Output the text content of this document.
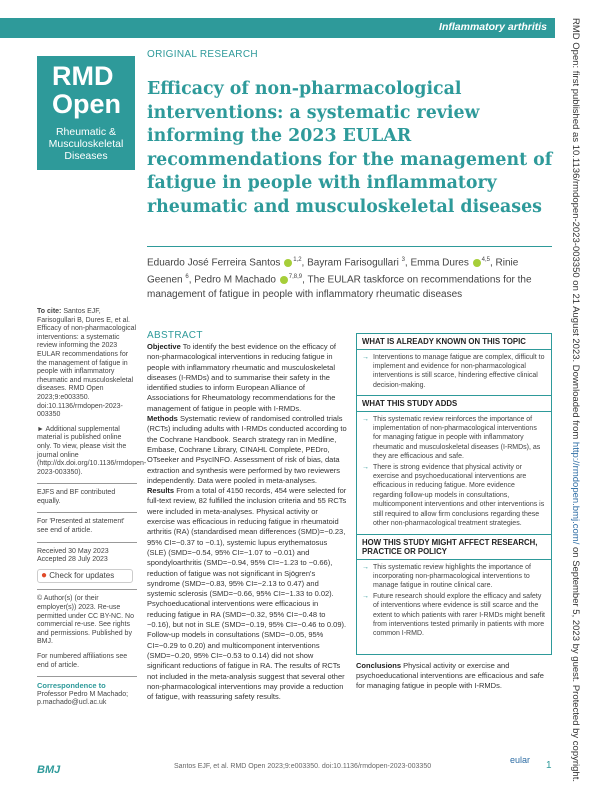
Inflammatory arthritis
RMD
Open
Rheumatic & Musculoskeletal Diseases
ORIGINAL RESEARCH
Efficacy of non-pharmacological interventions: a systematic review informing the 2023 EULAR recommendations for the management of fatigue in people with inflammatory rheumatic and musculoskeletal diseases
Eduardo José Ferreira Santos $^{1,2}$, Bayram Farisogullari $^3$, Emma Dures $^{4,5}$, Rinie Geenen $^6$, Pedro M Machado $^{7,8,9}$, The EULAR taskforce on recommendations for the management of fatigue in people with inflammatory rheumatic diseases
To cite: Santos EJF, Farisogullari B, Dures E, et al. Efficacy of non-pharmacological interventions: a systematic review informing the 2023 EULAR recommendations for the management of fatigue in people with inflammatory rheumatic and musculoskeletal diseases. RMD Open 2023;9:e003350. doi:10.1136/rmdopen-2023-003350
► Additional supplemental material is published online only. To view, please visit the journal online (http://dx.doi.org/10.1136/rmdopen-2023-003350).
EJFS and BF contributed equally.
For 'Presented at statement' see end of article.
Received 30 May 2023
Accepted 28 July 2023
● Check for updates
© Author(s) (or their employer(s)) 2023. Re-use permitted under CC BY-NC. No commercial re-use. See rights and permissions. Published by BMJ.
For numbered affiliations see end of article.
Correspondence to
Professor Pedro M Machado;
p.machado@ucl.ac.uk
ABSTRACT

Objective To identify the best evidence on the efficacy of non-pharmacological interventions in reducing fatigue in people with inflammatory rheumatic and musculoskeletal diseases (I-RMDs) and to summarise their safety in the identified studies to inform European Alliance of Associations for Rheumatology recommendations for the management of fatigue in people with I-RMDs.

Methods Systematic review of randomised controlled trials (RCTs) including adults with I-RMDs conducted according to the Cochrane Handbook. Search strategy ran in Medline, Embase, Cochrane Library, CINAHL Complete, PEDro, OTseeker and PsycINFO. Assessment of risk of bias, data extraction and synthesis were performed by two reviewers independently. Data were pooled in meta-analyses.

Results From a total of 4150 records, 454 were selected for full-text review, 82 fulfilled the inclusion criteria and 55 RCTs were included in meta-analyses. Physical activity or exercise was efficacious in reducing fatigue in rheumatoid arthritis (RA) (standardised mean differences (SMD)=−0.23, 95% CI=−0.37 to −0.1), systemic lupus erythematosus (SLE) (SMD=−0.54, 95% CI=−1.07 to −0.01) and spondyloarthritis (SMD=−0.94, 95% CI=−1.23 to −0.66), reduction of fatigue was not significant in Sjögren's syndrome (SMD=−0.83, 95% CI=−2.13 to 0.47) and systemic sclerosis (SMD=−0.66, 95% CI=−1.33 to 0.02). Psychoeducational interventions were efficacious in reducing fatigue in RA (SMD=−0.32, 95% CI=−0.48 to −0.16), but not in SLE (SMD=−0.19, 95% CI=−0.46 to 0.09). Follow-up models in consultations (SMD=−0.05, 95% CI=−0.29 to 0.20) and multicomponent interventions (SMD=−0.20, 95% CI=−0.53 to 0.14) did not show significant reductions of fatigue in RA. The results of RCTs not included in the meta-analysis suggest that several other non-pharmacological interventions may provide a reduction of fatigue, with reassuring safety results.

WHAT IS ALREADY KNOWN ON THIS TOPIC
→ Interventions to manage fatigue are complex, difficult to implement and evidence for non-pharmacological interventions is still scarce, hindering effective clinical decision-making.
WHAT THIS STUDY ADDS
→ This systematic review reinforces the importance of implementation of non-pharmacological interventions for managing fatigue in people with inflammatory rheumatic and musculoskeletal diseases (I-RMDs), as they are efficacious and safe.
→ There is strong evidence that physical activity or exercise and psychoeducational interventions are efficacious in reducing fatigue. More evidence regarding follow-up models in consultations, multicomponent interventions and other interventions is still required to allow firm conclusions regarding these other non-pharmacological treatment strategies.
HOW THIS STUDY MIGHT AFFECT RESEARCH, PRACTICE OR POLICY
→ This systematic review highlights the importance of incorporating non-pharmacological interventions to manage fatigue in routine clinical care.
→ Future research should explore the efficacy and safety of interventions where evidence is still scarce and the extent to which patients with rarer I-RMDs might benefit from interventions tested primarily in patients with more common I-RMD.
Conclusions Physical activity or exercise and psychoeducational interventions are efficacious and safe for managing fatigue in people with I-RMDs.
BMJ	Santos EJF, et al. RMD Open 2023;9:e003350. doi:10.1136/rmdopen-2023-003350
eular 1
RMD Open: first published as 10.1136/rmdopen-2023-003350 on 21 August 2023. Downloaded from http://rmdopen.bmj.com/ on September 5, 2023 by guest. Protected by copyright.
